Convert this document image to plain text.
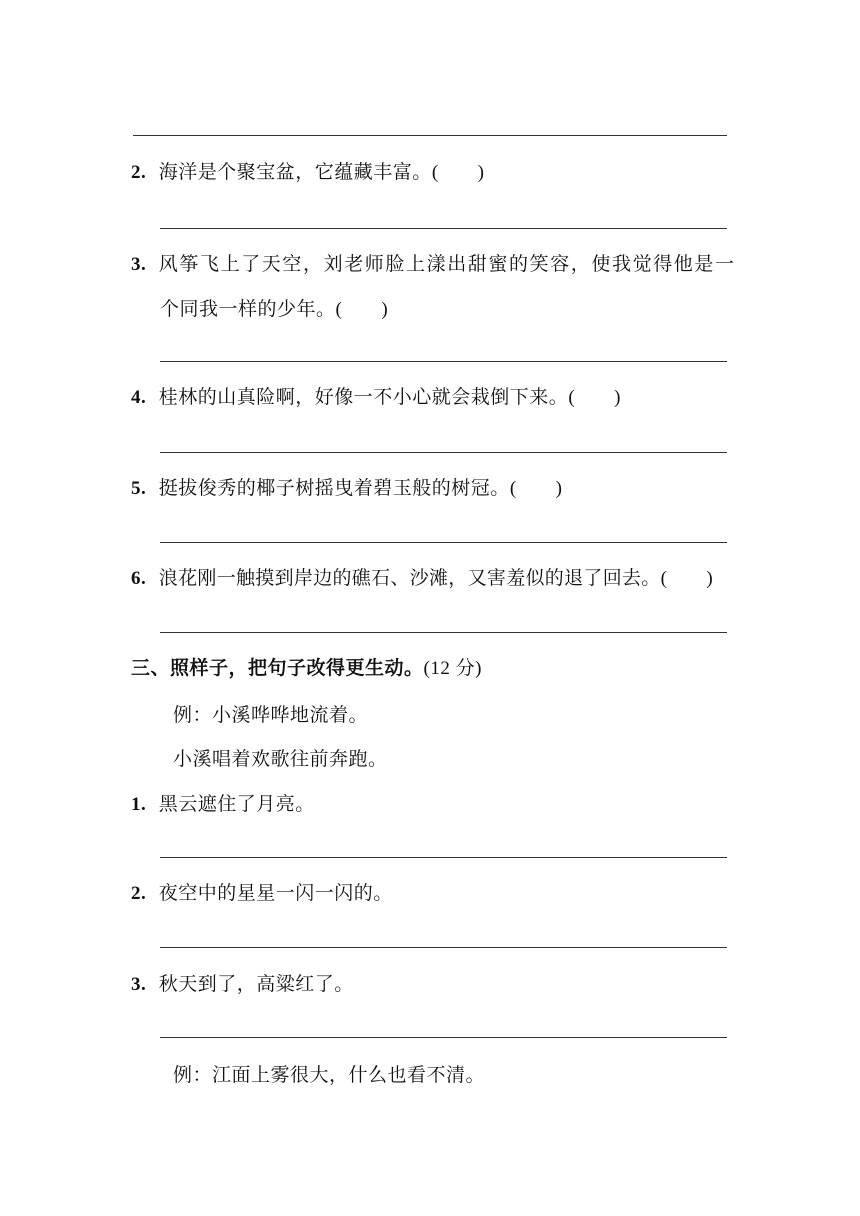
2. 海洋是个聚宝盆，它蕴藏丰富。(　　)
3. 风筝飞上了天空，刘老师脸上漾出甜蜜的笑容，使我觉得他是一
个同我一样的少年。(　　)
4. 桂林的山真险啊，好像一不小心就会栽倒下来。(　　)
5. 挺拔俊秀的椰子树摇曳着碧玉般的树冠。(　　)
6. 浪花刚一触摸到岸边的礁石、沙滩，又害羞似的退了回去。(　　)
三、照样子，把句子改得更生动。(12 分)
例：小溪哗哗地流着。
小溪唱着欢歌往前奔跑。
1. 黑云遮住了月亮。
2. 夜空中的星星一闪一闪的。
3. 秋天到了，高粱红了。
例：江面上雾很大，什么也看不清。
